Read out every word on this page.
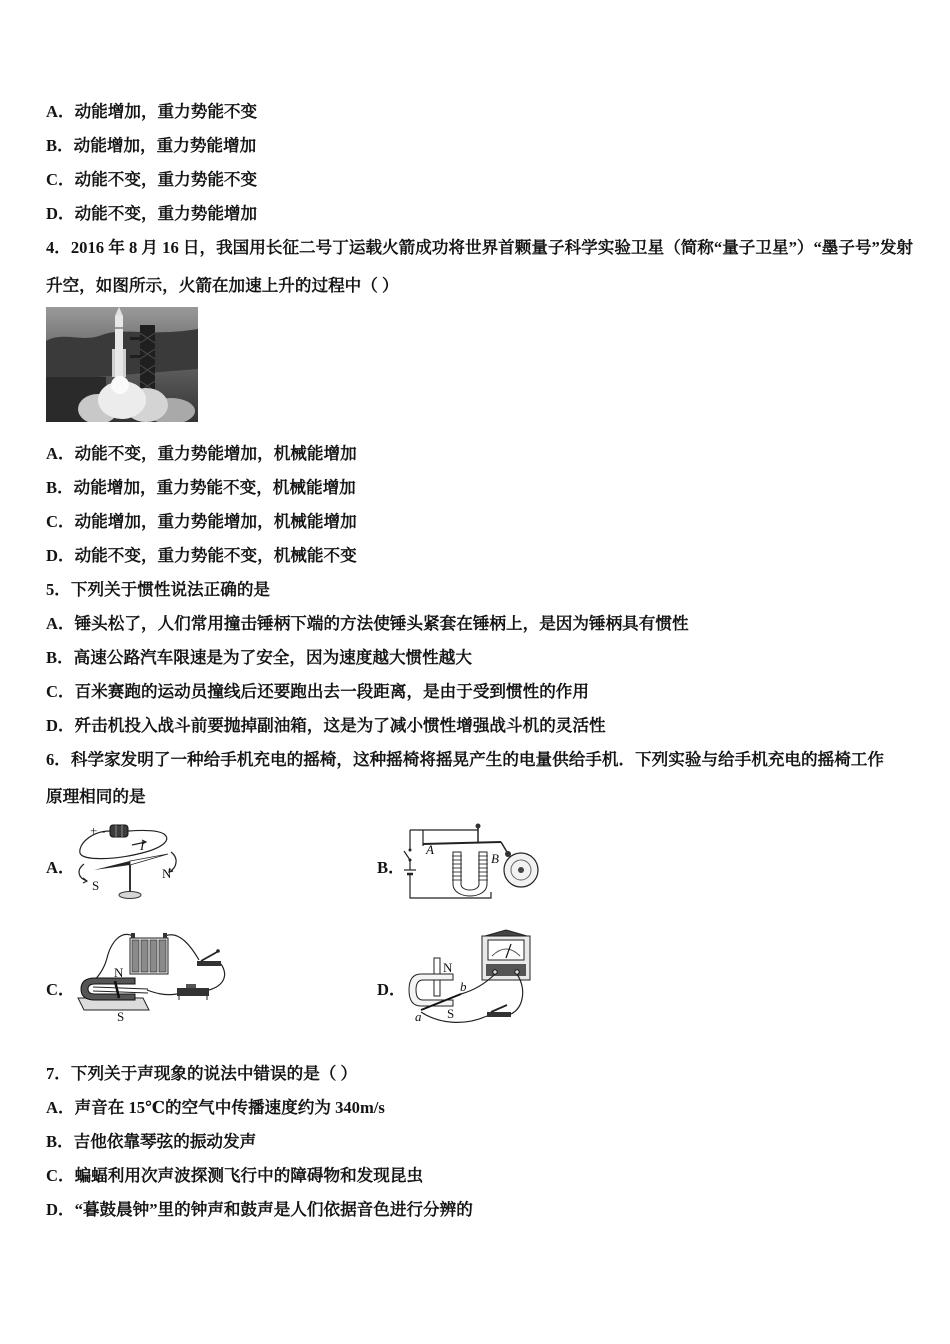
A．动能增加，重力势能不变
B．动能增加，重力势能增加
C．动能不变，重力势能不变
D．动能不变，重力势能增加
4．2016 年 8 月 16 日，我国用长征二号丁运载火箭成功将世界首颗量子科学实验卫星（简称“量子卫星”）“墨子号”发射
升空，如图所示，火箭在加速上升的过程中（ ）
A．动能不变，重力势能增加，机械能增加
B．动能增加，重力势能不变，机械能增加
C．动能增加，重力势能增加，机械能增加
D．动能不变，重力势能不变，机械能不变
5．下列关于惯性说法正确的是
A．锤头松了，人们常用撞击锤柄下端的方法使锤头紧套在锤柄上，是因为锤柄具有惯性
B．高速公路汽车限速是为了安全，因为速度越大惯性越大
C．百米赛跑的运动员撞线后还要跑出去一段距离，是由于受到惯性的作用
D．歼击机投入战斗前要抛掉副油箱，这是为了减小惯性增强战斗机的灵活性
6．科学家发明了一种给手机充电的摇椅，这种摇椅将摇晃产生的电量供给手机．下列实验与给手机充电的摇椅工作
原理相同的是
A．
+ -
I
S
N	B．
A
B
C．
N
S
D．
N
S
a
b
7．下列关于声现象的说法中错误的是（ ）
A．声音在 15℃的空气中传播速度约为 340m/s
B．吉他依靠琴弦的振动发声
C．蝙蝠利用次声波探测飞行中的障碍物和发现昆虫
D．“暮鼓晨钟”里的钟声和鼓声是人们依据音色进行分辨的
